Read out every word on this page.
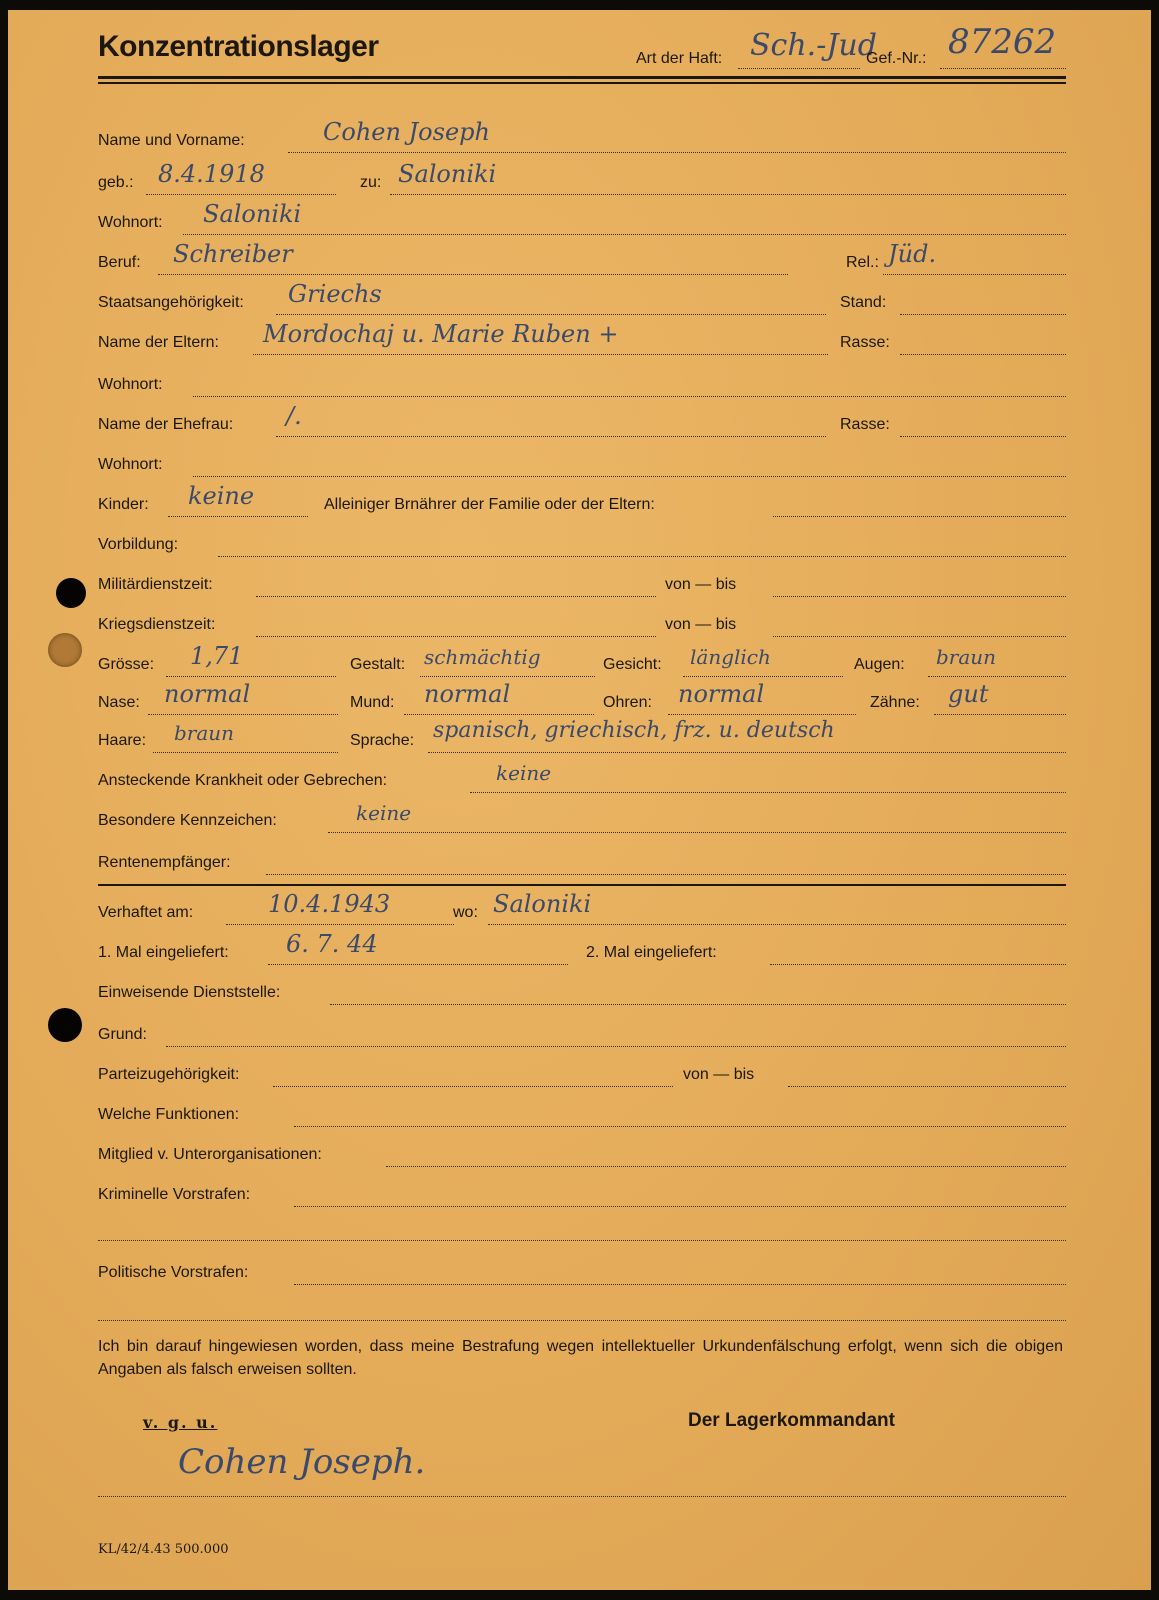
Konzentrationslager	Art der Haft: Sch.-Jud
Gef.-Nr.: 87262
Name und Vorname:	Cohen Joseph
geb.: 8.4.1918	zu: Saloniki
Wohnort: Saloniki
Beruf: Schreiber	Rel.: Jüd.
Staatsangehörigkeit: Griechs	Stand:
Name der Eltern: Mordochaj u. Marie Ruben +	Rasse:
Wohnort:
Name der Ehefrau: /.	Rasse:
Wohnort:
Kinder: keine	Alleiniger Brnährer der Familie oder der Eltern:
Vorbildung:
Militärdienstzeit:	von — bis
Kriegsdienstzeit:	von — bis
Grösse: 1,71	Gestalt: schmächtig	Gesicht: länglich	Augen: braun
Nase: normal	Mund: normal	Ohren: normal	Zähne: gut
Haare: braun	Sprache: spanisch, griechisch, frz. u. deutsch
Ansteckende Krankheit oder Gebrechen:	keine
Besondere Kennzeichen:	keine
Rentenempfänger:
Verhaftet am:	10.4.1943	wo: Saloniki
1. Mal eingeliefert: 6. 7. 44	2. Mal eingeliefert:
Einweisende Dienststelle:
Grund:
Parteizugehörigkeit:	von — bis
Welche Funktionen:
Mitglied v. Unterorganisationen:
Kriminelle Vorstrafen:
Politische Vorstrafen:
Ich bin darauf hingewiesen worden, dass meine Bestrafung wegen intellektueller Urkundenfälschung erfolgt, wenn sich die obigen Angaben als falsch erweisen sollten.
v. g. u.	Der Lagerkommandant
Cohen Joseph.
KL/42/4.43 500.000
